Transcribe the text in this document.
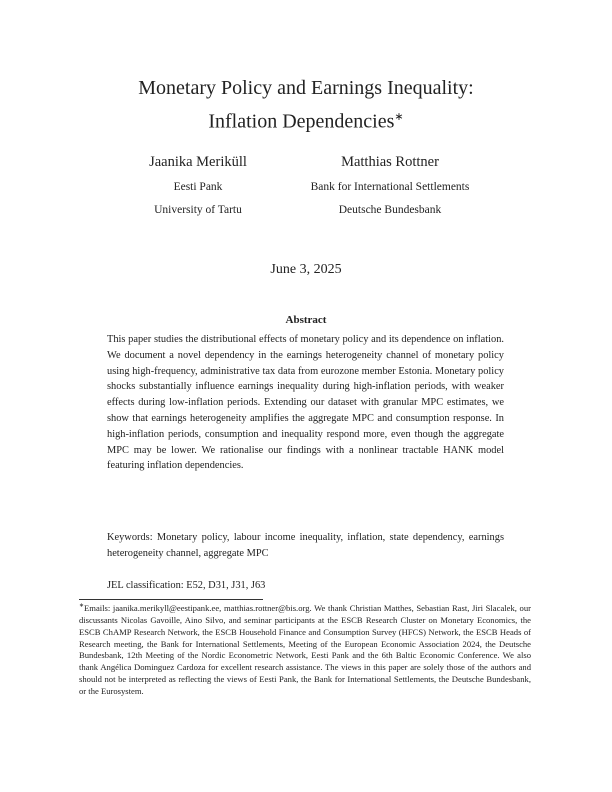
Monetary Policy and Earnings Inequality:
Inflation Dependencies∗
Jaanika Meriküll
Eesti Pank
University of Tartu
Matthias Rottner
Bank for International Settlements
Deutsche Bundesbank
June 3, 2025
Abstract
This paper studies the distributional effects of monetary policy and its dependence on inflation. We document a novel dependency in the earnings heterogeneity channel of monetary policy using high-frequency, administrative tax data from eurozone member Estonia. Monetary policy shocks substantially influence earnings inequality during high-inflation periods, with weaker effects during low-inflation periods. Extending our dataset with granular MPC estimates, we show that earnings heterogeneity amplifies the aggregate MPC and consumption response. In high-inflation periods, consumption and inequality respond more, even though the aggregate MPC may be lower. We rationalise our findings with a nonlinear tractable HANK model featuring inflation dependencies.
Keywords: Monetary policy, labour income inequality, inflation, state dependency, earnings heterogeneity channel, aggregate MPC
JEL classification: E52, D31, J31, J63
∗Emails: jaanika.merikyll@eestipank.ee, matthias.rottner@bis.org. We thank Christian Matthes, Sebastian Rast, Jiri Slacalek, our discussants Nicolas Gavoille, Aino Silvo, and seminar participants at the ESCB Research Cluster on Monetary Economics, the ESCB ChAMP Research Network, the ESCB Household Finance and Consumption Survey (HFCS) Network, the ESCB Heads of Research meeting, the Bank for International Settlements, Meeting of the European Economic Association 2024, the Deutsche Bundesbank, 12th Meeting of the Nordic Econometric Network, Eesti Pank and the 6th Baltic Economic Conference. We also thank Angélica Dominguez Cardoza for excellent research assistance. The views in this paper are solely those of the authors and should not be interpreted as reflecting the views of Eesti Pank, the Bank for International Settlements, the Deutsche Bundesbank, or the Eurosystem.
